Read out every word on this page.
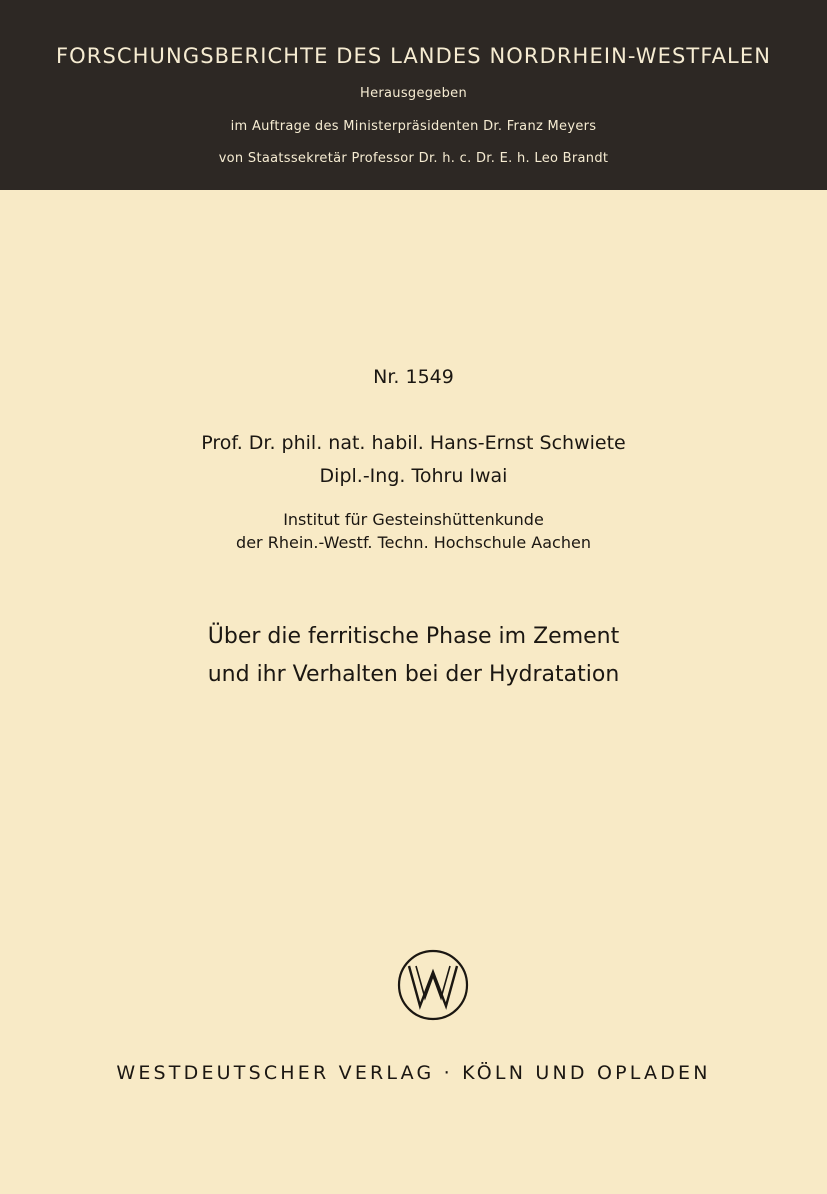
FORSCHUNGSBERICHTE DES LANDES NORDRHEIN-WESTFALEN
Herausgegeben
im Auftrage des Ministerpräsidenten Dr. Franz Meyers
von Staatssekretär Professor Dr. h. c. Dr. E. h. Leo Brandt
Nr. 1549
Prof. Dr. phil. nat. habil. Hans-Ernst Schwiete
Dipl.-Ing. Tohru Iwai
Institut für Gesteinshüttenkunde
der Rhein.-Westf. Techn. Hochschule Aachen
Über die ferritische Phase im Zement
und ihr Verhalten bei der Hydratation
WESTDEUTSCHER VERLAG · KÖLN UND OPLADEN
